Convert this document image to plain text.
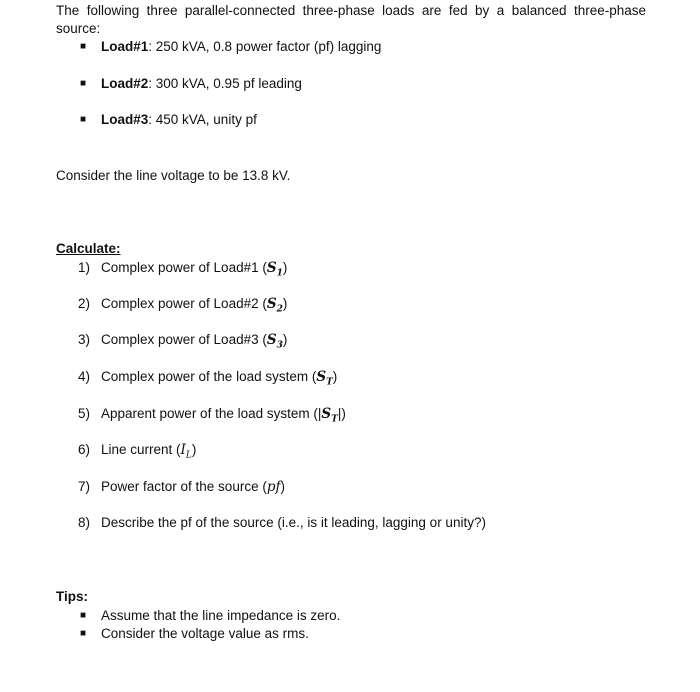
The following three parallel-connected three-phase loads are fed by a balanced three-phase source:
■ Load#1: 250 kVA, 0.8 power factor (pf) lagging
■ Load#2: 300 kVA, 0.95 pf leading
■ Load#3: 450 kVA, unity pf
Consider the line voltage to be 13.8 kV.
Calculate:
1) Complex power of Load#1 $(S_1)$
2) Complex power of Load#2 $(S_2)$
3) Complex power of Load#3 $(S_3)$
4) Complex power of the load system $(S_T)$
5) Apparent power of the load system $(|S_T|)$
6) Line current $(I_L)$
7) Power factor of the source (pf)
8) Describe the pf of the source (i.e., is it leading, lagging or unity?)
Tips:
■ Assume that the line impedance is zero.
■ Consider the voltage value as rms.
